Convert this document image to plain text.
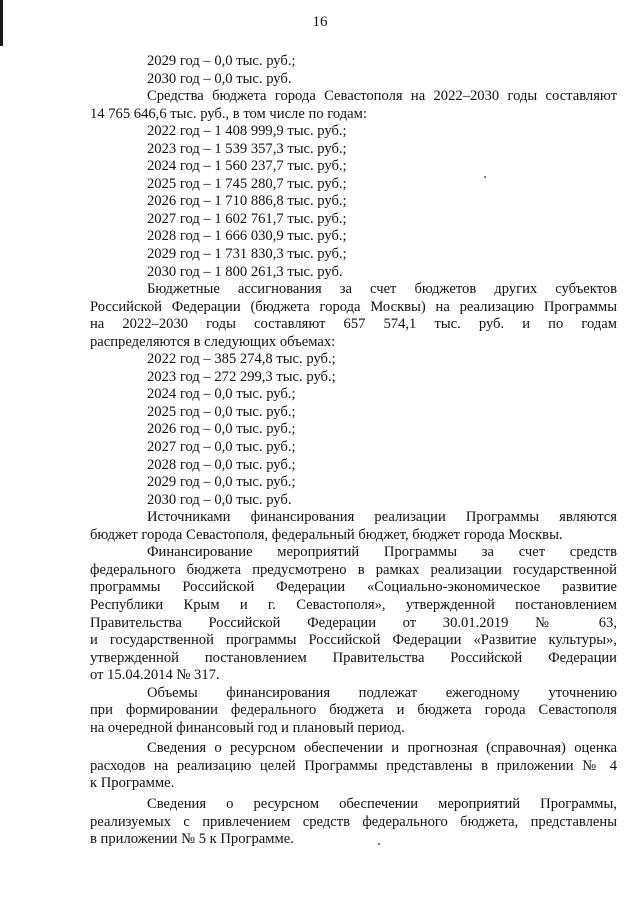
16
2029 год – 0,0 тыс. руб.;
2030 год – 0,0 тыс. руб.
Средства бюджета города Севастополя на 2022–2030 годы составляют
14 765 646,6 тыс. руб., в том числе по годам:
2022 год – 1 408 999,9 тыс. руб.;
2023 год – 1 539 357,3 тыс. руб.;
2024 год – 1 560 237,7 тыс. руб.;
2025 год – 1 745 280,7 тыс. руб.;
2026 год – 1 710 886,8 тыс. руб.;
2027 год – 1 602 761,7 тыс. руб.;
2028 год – 1 666 030,9 тыс. руб.;
2029 год – 1 731 830,3 тыс. руб.;
2030 год – 1 800 261,3 тыс. руб.
Бюджетные ассигнования за счет бюджетов других субъектов
Российской Федерации (бюджета города Москвы) на реализацию Программы
на 2022–2030 годы составляют 657 574,1 тыс. руб. и по годам
распределяются в следующих объемах:
2022 год – 385 274,8 тыс. руб.;
2023 год – 272 299,3 тыс. руб.;
2024 год – 0,0 тыс. руб.;
2025 год – 0,0 тыс. руб.;
2026 год – 0,0 тыс. руб.;
2027 год – 0,0 тыс. руб.;
2028 год – 0,0 тыс. руб.;
2029 год – 0,0 тыс. руб.;
2030 год – 0,0 тыс. руб.
Источниками финансирования реализации Программы являются
бюджет города Севастополя, федеральный бюджет, бюджет города Москвы.
Финансирование мероприятий Программы за счет средств
федерального бюджета предусмотрено в рамках реализации государственной
программы Российской Федерации «Социально-экономическое развитие
Республики Крым и г. Севастополя», утвержденной постановлением
Правительства Российской Федерации от 30.01.2019 № 63,
и государственной программы Российской Федерации «Развитие культуры»,
утвержденной постановлением Правительства Российской Федерации
от 15.04.2014 № 317.
Объемы финансирования подлежат ежегодному уточнению
при формировании федерального бюджета и бюджета города Севастополя
на очередной финансовый год и плановый период.
Сведения о ресурсном обеспечении и прогнозная (справочная) оценка
расходов на реализацию целей Программы представлены в приложении № 4
к Программе.
Сведения о ресурсном обеспечении мероприятий Программы,
реализуемых с привлечением средств федерального бюджета, представлены
в приложении № 5 к Программе.
